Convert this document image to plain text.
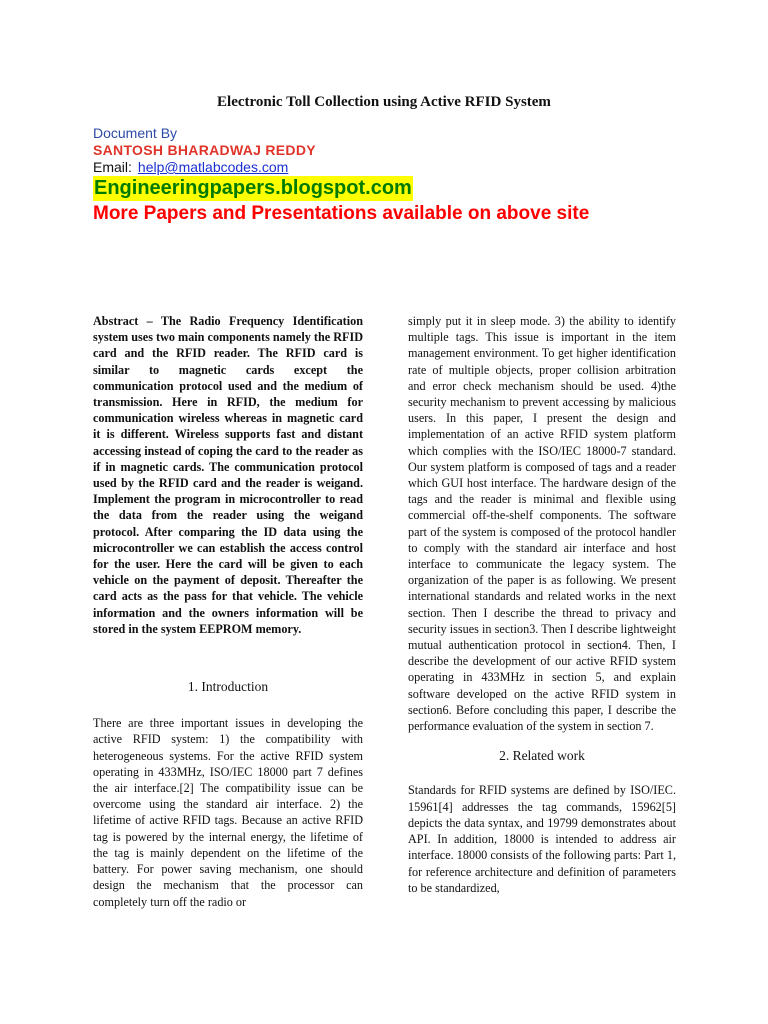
Electronic Toll Collection using Active RFID System
Document By
SANTOSH BHARADWAJ REDDY
Email: help@matlabcodes.com
Engineeringpapers.blogspot.com
More Papers and Presentations available on above site

Abstract – The Radio Frequency Identification system uses two main components namely the RFID card and the RFID reader. The RFID card is similar to magnetic cards except the communication protocol used and the medium of transmission. Here in RFID, the medium for communication wireless whereas in magnetic card it is different. Wireless supports fast and distant accessing instead of coping the card to the reader as if in magnetic cards. The communication protocol used by the RFID card and the reader is weigand. Implement the program in microcontroller to read the data from the reader using the weigand protocol. After comparing the ID data using the microcontroller we can establish the access control for the user. Here the card will be given to each vehicle on the payment of deposit. Thereafter the card acts as the pass for that vehicle. The vehicle information and the owners information will be stored in the system EEPROM memory.

1. Introduction

There are three important issues in developing the active RFID system: 1) the compatibility with heterogeneous systems. For the active RFID system operating in 433MHz, ISO/IEC 18000 part 7 defines the air interface.[2] The compatibility issue can be overcome using the standard air interface. 2) the lifetime of active RFID tags. Because an active RFID tag is powered by the internal energy, the lifetime of the tag is mainly dependent on the lifetime of the battery. For power saving mechanism, one should design the mechanism that the processor can completely turn off the radio or

simply put it in sleep mode. 3) the ability to identify multiple tags. This issue is important in the item management environment. To get higher identification rate of multiple objects, proper collision arbitration and error check mechanism should be used. 4)the security mechanism to prevent accessing by malicious users. In this paper, I present the design and implementation of an active RFID system platform which complies with the ISO/IEC 18000-7 standard. Our system platform is composed of tags and a reader which GUI host interface. The hardware design of the tags and the reader is minimal and flexible using commercial off-the-shelf components. The software part of the system is composed of the protocol handler to comply with the standard air interface and host interface to communicate the legacy system. The organization of the paper is as following. We present international standards and related works in the next section. Then I describe the thread to privacy and security issues in section3. Then I describe lightweight mutual authentication protocol in section4. Then, I describe the development of our active RFID system operating in 433MHz in section 5, and explain software developed on the active RFID system in section6. Before concluding this paper, I describe the performance evaluation of the system in section 7.

2. Related work

Standards for RFID systems are defined by ISO/IEC. 15961[4] addresses the tag commands, 15962[5] depicts the data syntax, and 19799 demonstrates about API. In addition, 18000 is intended to address air interface. 18000 consists of the following parts: Part 1, for reference architecture and definition of parameters to be standardized,
